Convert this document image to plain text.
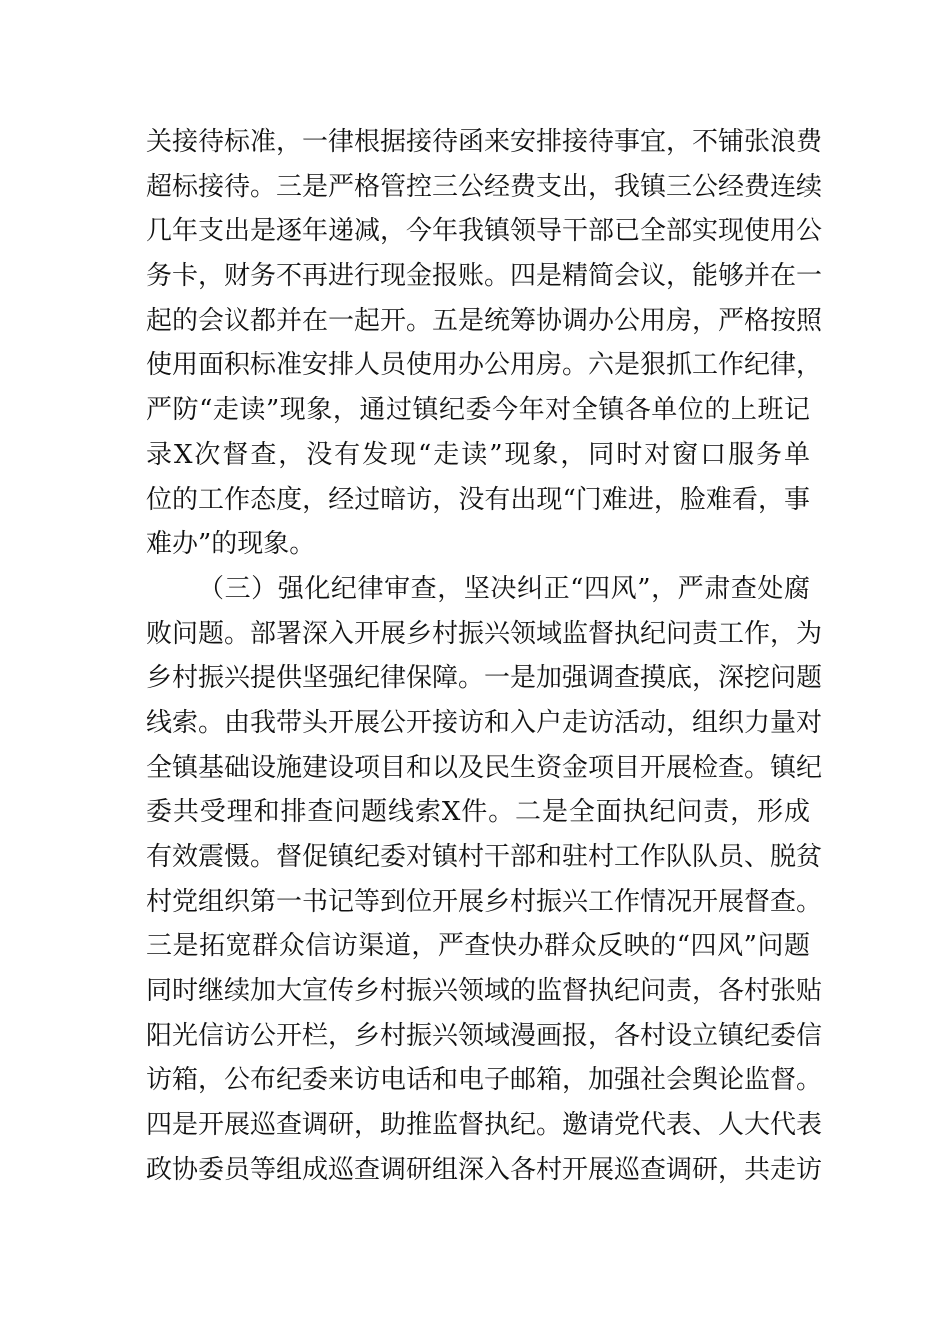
关接待标准，一律根据接待函来安排接待事宜，不铺张浪费
超标接待。三是严格管控三公经费支出，我镇三公经费连续
几年支出是逐年递减，今年我镇领导干部已全部实现使用公
务卡，财务不再进行现金报账。四是精简会议，能够并在一
起的会议都并在一起开。五是统筹协调办公用房，严格按照
使用面积标准安排人员使用办公用房。六是狠抓工作纪律，
严防“走读”现象，通过镇纪委今年对全镇各单位的上班记
录X次督查，没有发现“走读”现象，同时对窗口服务单
位的工作态度，经过暗访，没有出现“门难进，脸难看，事
难办”的现象。
（三）强化纪律审查，坚决纠正“四风”，严肃查处腐
败问题。部署深入开展乡村振兴领域监督执纪问责工作，为
乡村振兴提供坚强纪律保障。一是加强调查摸底，深挖问题
线索。由我带头开展公开接访和入户走访活动，组织力量对
全镇基础设施建设项目和以及民生资金项目开展检查。镇纪
委共受理和排查问题线索X件。二是全面执纪问责，形成
有效震慑。督促镇纪委对镇村干部和驻村工作队队员、脱贫
村党组织第一书记等到位开展乡村振兴工作情况开展督查。
三是拓宽群众信访渠道，严查快办群众反映的“四风”问题
同时继续加大宣传乡村振兴领域的监督执纪问责，各村张贴
阳光信访公开栏，乡村振兴领域漫画报，各村设立镇纪委信
访箱，公布纪委来访电话和电子邮箱，加强社会舆论监督。
四是开展巡查调研，助推监督执纪。邀请党代表、人大代表
政协委员等组成巡查调研组深入各村开展巡查调研，共走访
